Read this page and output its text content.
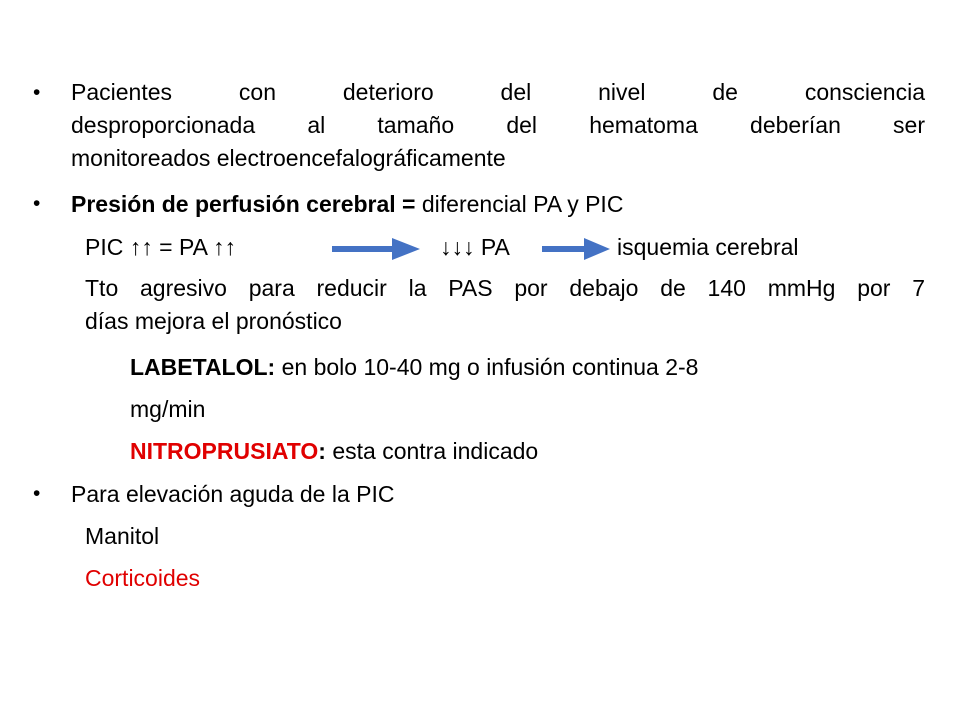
•
Pacientes con deterioro del nivel de consciencia
desproporcionada al tamaño del hematoma deberían ser
monitoreados electroencefalográficamente
•
Presión de perfusión cerebral = diferencial PA y PIC
PIC ↑↑ = PA ↑↑	↓↓↓ PA	isquemia cerebral
Tto agresivo para reducir la PAS por debajo de 140 mmHg por 7
días mejora el pronóstico
LABETALOL: en bolo 10-40 mg o infusión continua 2-8
mg/min
NITROPRUSIATO: esta contra indicado
•
Para elevación aguda de la PIC
Manitol
Corticoides
